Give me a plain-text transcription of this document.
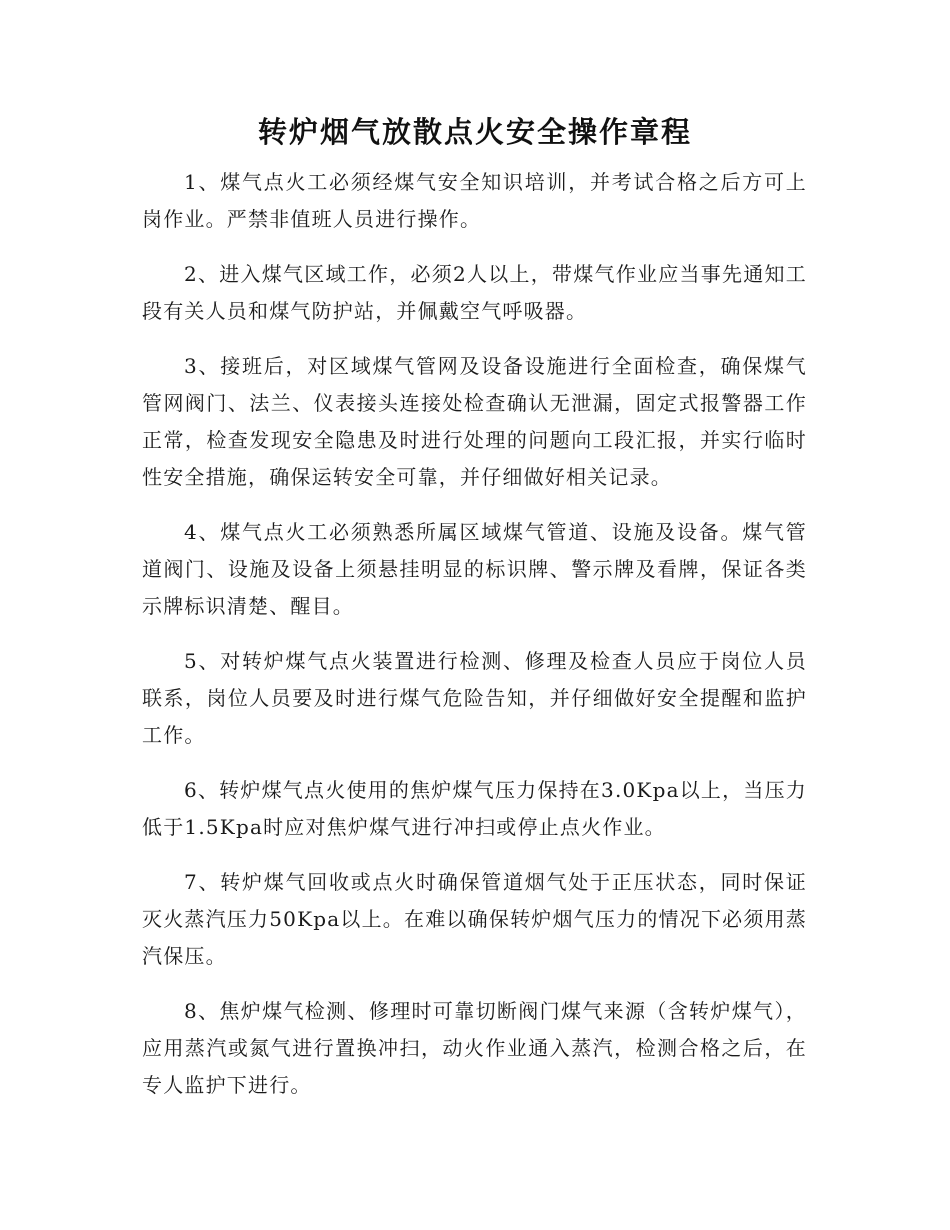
转炉烟气放散点火安全操作章程

1、煤气点火工必须经煤气安全知识培训，并考试合格之后方可上岗作业。严禁非值班人员进行操作。

2、进入煤气区域工作，必须2人以上，带煤气作业应当事先通知工段有关人员和煤气防护站，并佩戴空气呼吸器。

3、接班后，对区域煤气管网及设备设施进行全面检查，确保煤气管网阀门、法兰、仪表接头连接处检查确认无泄漏，固定式报警器工作正常，检查发现安全隐患及时进行处理的问题向工段汇报，并实行临时性安全措施，确保运转安全可靠，并仔细做好相关记录。

4、煤气点火工必须熟悉所属区域煤气管道、设施及设备。煤气管道阀门、设施及设备上须悬挂明显的标识牌、警示牌及看牌，保证各类示牌标识清楚、醒目。

5、对转炉煤气点火装置进行检测、修理及检查人员应于岗位人员联系，岗位人员要及时进行煤气危险告知，并仔细做好安全提醒和监护工作。

6、转炉煤气点火使用的焦炉煤气压力保持在3.0Kpa以上，当压力低于1.5Kpa时应对焦炉煤气进行冲扫或停止点火作业。

7、转炉煤气回收或点火时确保管道烟气处于正压状态，同时保证灭火蒸汽压力50Kpa以上。在难以确保转炉烟气压力的情况下必须用蒸汽保压。

8、焦炉煤气检测、修理时可靠切断阀门煤气来源（含转炉煤气），应用蒸汽或氮气进行置换冲扫，动火作业通入蒸汽，检测合格之后，在专人监护下进行。
